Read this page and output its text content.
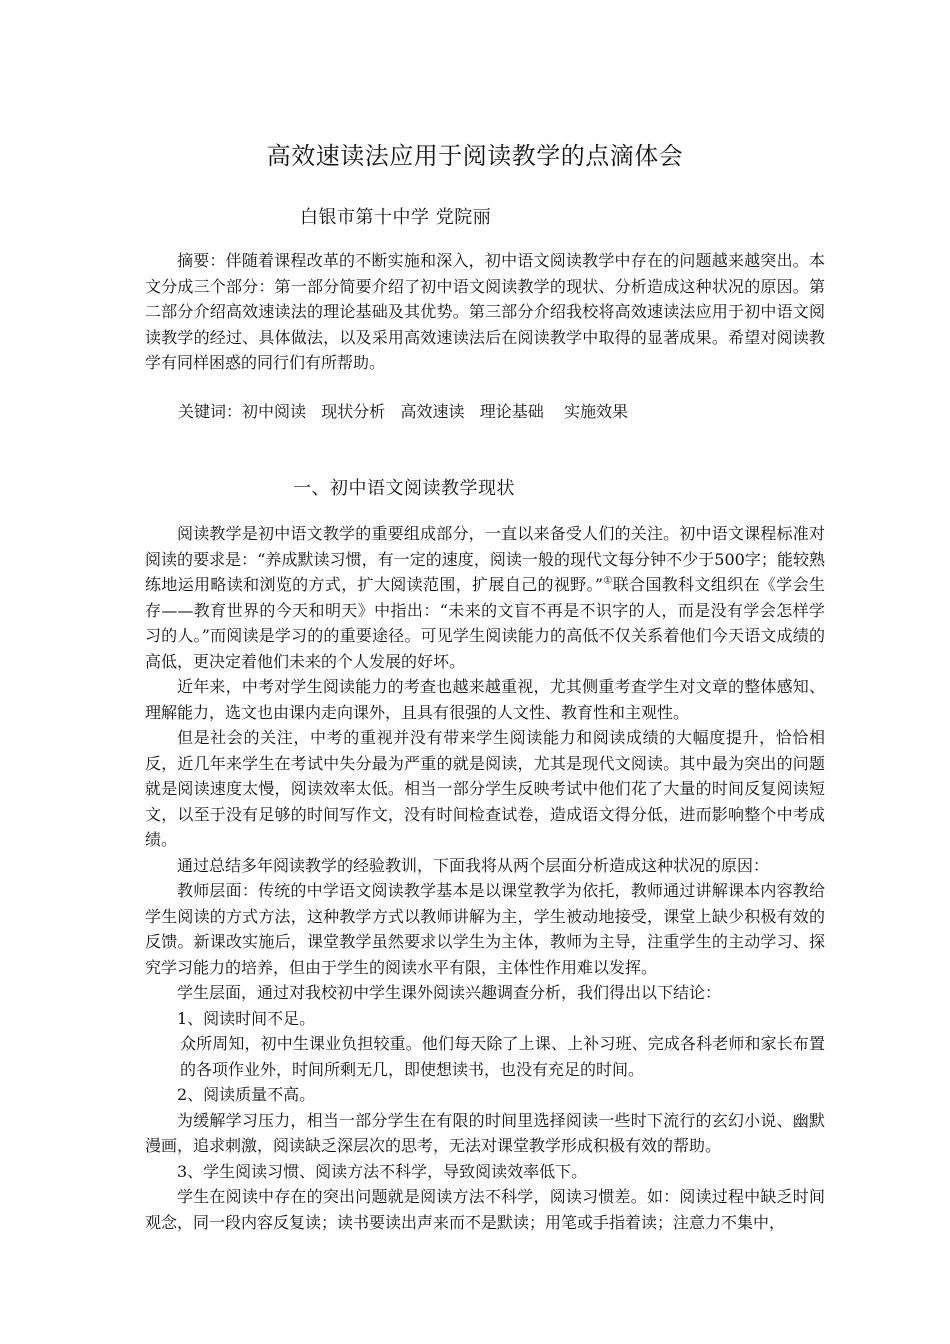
高效速读法应用于阅读教学的点滴体会
白银市第十中学 党院丽

摘要：伴随着课程改革的不断实施和深入，初中语文阅读教学中存在的问题越来越突出。本文分成三个部分：第一部分简要介绍了初中语文阅读教学的现状、分析造成这种状况的原因。第二部分介绍高效速读法的理论基础及其优势。第三部分介绍我校将高效速读法应用于初中语文阅读教学的经过、具体做法，以及采用高效速读法后在阅读教学中取得的显著成果。希望对阅读教学有同样困惑的同行们有所帮助。

关键词：初中阅读   现状分析   高效速读   理论基础    实施效果
一、初中语文阅读教学现状

阅读教学是初中语文教学的重要组成部分，一直以来备受人们的关注。初中语文课程标准对阅读的要求是：“养成默读习惯，有一定的速度，阅读一般的现代文每分钟不少于500字；能较熟练地运用略读和浏览的方式，扩大阅读范围，扩展自己的视野。”①联合国教科文组织在《学会生存——教育世界的今天和明天》中指出：“未来的文盲不再是不识字的人，而是没有学会怎样学习的人。”而阅读是学习的的重要途径。可见学生阅读能力的高低不仅关系着他们今天语文成绩的高低，更决定着他们未来的个人发展的好坏。

近年来，中考对学生阅读能力的考查也越来越重视，尤其侧重考查学生对文章的整体感知、理解能力，选文也由课内走向课外，且具有很强的人文性、教育性和主观性。

但是社会的关注，中考的重视并没有带来学生阅读能力和阅读成绩的大幅度提升，恰恰相反，近几年来学生在考试中失分最为严重的就是阅读，尤其是现代文阅读。其中最为突出的问题就是阅读速度太慢，阅读效率太低。相当一部分学生反映考试中他们花了大量的时间反复阅读短文，以至于没有足够的时间写作文，没有时间检查试卷，造成语文得分低，进而影响整个中考成绩。

通过总结多年阅读教学的经验教训，下面我将从两个层面分析造成这种状况的原因：

教师层面：传统的中学语文阅读教学基本是以课堂教学为依托，教师通过讲解课本内容教给学生阅读的方式方法，这种教学方式以教师讲解为主，学生被动地接受，课堂上缺少积极有效的反馈。新课改实施后，课堂教学虽然要求以学生为主体，教师为主导，注重学生的主动学习、探究学习能力的培养，但由于学生的阅读水平有限，主体性作用难以发挥。

学生层面，通过对我校初中学生课外阅读兴趣调查分析，我们得出以下结论：

1、阅读时间不足。

众所周知，初中生课业负担较重。他们每天除了上课、上补习班、完成各科老师和家长布置的各项作业外，时间所剩无几，即使想读书，也没有充足的时间。

2、阅读质量不高。

为缓解学习压力，相当一部分学生在有限的时间里选择阅读一些时下流行的玄幻小说、幽默漫画，追求刺激，阅读缺乏深层次的思考，无法对课堂教学形成积极有效的帮助。

3、学生阅读习惯、阅读方法不科学，导致阅读效率低下。

学生在阅读中存在的突出问题就是阅读方法不科学，阅读习惯差。如：阅读过程中缺乏时间观念，同一段内容反复读；读书要读出声来而不是默读；用笔或手指着读；注意力不集中，
